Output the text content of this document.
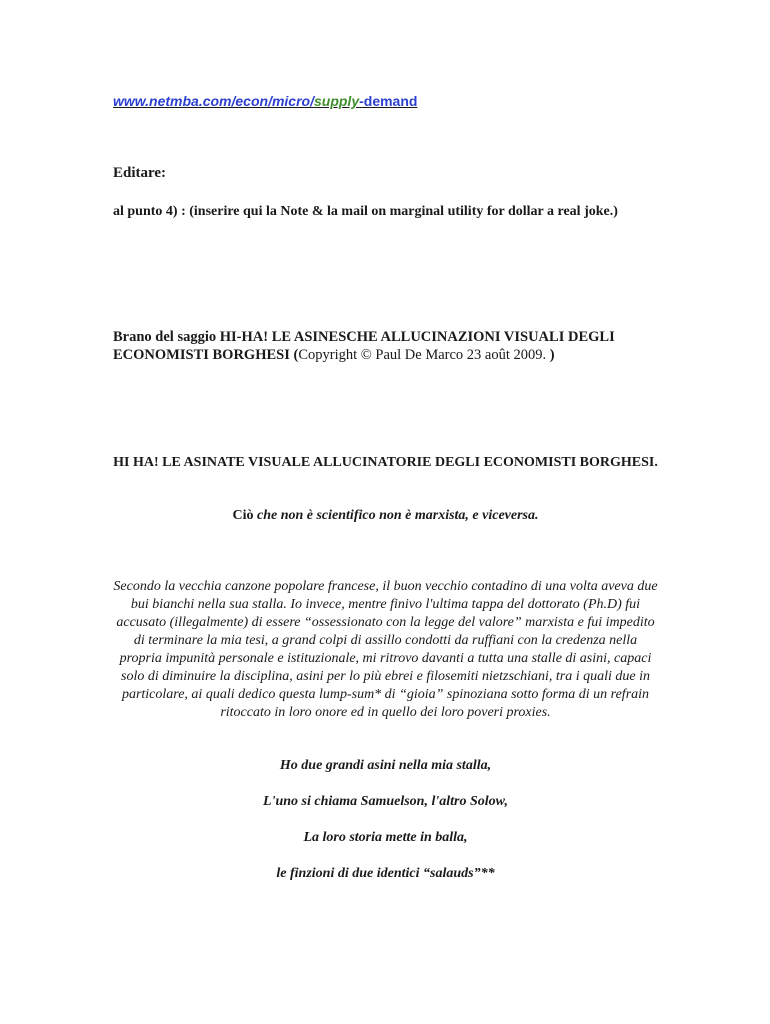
www.netmba.com/econ/micro/supply-demand
Editare:
al punto 4) : (inserire qui la Note & la mail on marginal utility for dollar a real joke.)
Brano del saggio HI-HA! LE ASINESCHE ALLUCINAZIONI VISUALI DEGLI ECONOMISTI BORGHESI (Copyright © Paul De Marco 23 août 2009. )
HI HA! LE ASINATE VISUALE ALLUCINATORIE DEGLI ECONOMISTI BORGHESI.
Ciò che non è scientifico non è marxista, e viceversa.
Secondo la vecchia canzone popolare francese, il buon vecchio contadino di una volta aveva due bui bianchi nella sua stalla. Io invece, mentre finivo l'ultima tappa del dottorato (Ph.D) fui accusato (illegalmente) di essere “ossessionato con la legge del valore” marxista e fui impedito di terminare la mia tesi, a grand colpi di assillo condotti da ruffiani con la credenza nella propria impunità personale e istituzionale, mi ritrovo davanti a tutta una stalle di asini, capaci solo di diminuire la disciplina, asini per lo più ebrei e filosemiti nietzschiani, tra i quali due in particolare, ai quali dedico questa lump-sum* di “gioia” spinoziana sotto forma di un refrain ritoccato in loro onore ed in quello dei loro poveri proxies.
Ho due grandi asini nella mia stalla,
L'uno si chiama Samuelson, l'altro Solow,
La loro storia mette in balla,
le finzioni di due identici “salauds”**
